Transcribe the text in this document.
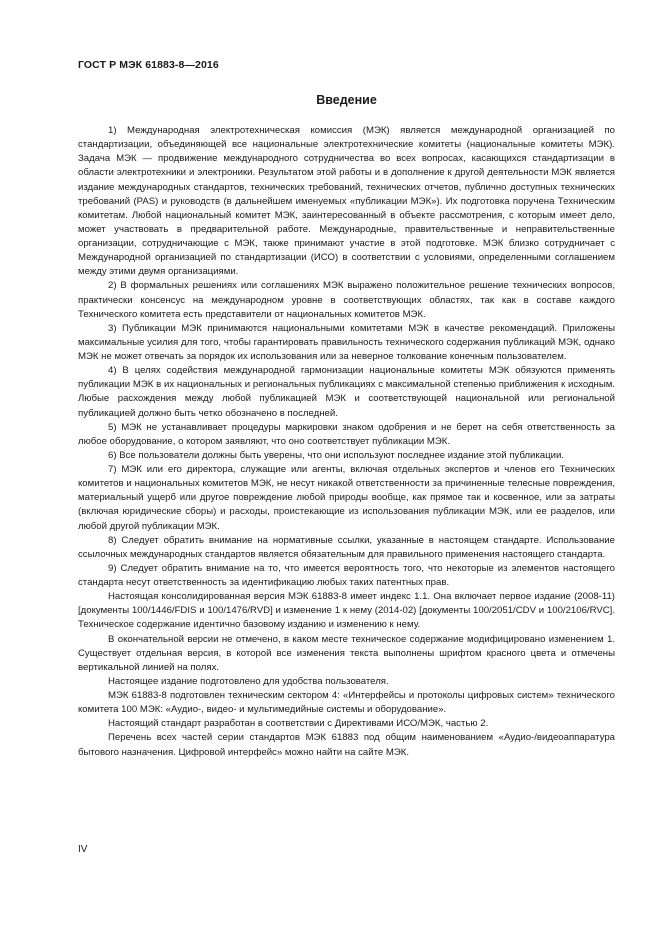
ГОСТ Р МЭК 61883-8—2016
Введение

1) Международная электротехническая комиссия (МЭК) является международной организацией по стандартизации, объединяющей все национальные электротехнические комитеты (национальные комитеты МЭК). Задача МЭК — продвижение международного сотрудничества во всех вопросах, касающихся стандартизации в области электротехники и электроники. Результатом этой работы и в дополнение к другой деятельности МЭК является издание международных стандартов, технических требований, технических отчетов, публично доступных технических требований (PAS) и руководств (в дальнейшем именуемых «публикации МЭК»). Их подготовка поручена Техническим комитетам. Любой национальный комитет МЭК, заинтересованный в объекте рассмотрения, с которым имеет дело, может участвовать в предварительной работе. Международные, правительственные и неправительственные организации, сотрудничающие с МЭК, также принимают участие в этой подготовке. МЭК близко сотрудничает с Международной организацией по стандартизации (ИСО) в соответствии с условиями, определенными соглашением между этими двумя организациями.

2) В формальных решениях или соглашениях МЭК выражено положительное решение технических вопросов, практически консенсус на международном уровне в соответствующих областях, так как в составе каждого Технического комитета есть представители от национальных комитетов МЭК.

3) Публикации МЭК принимаются национальными комитетами МЭК в качестве рекомендаций. Приложены максимальные усилия для того, чтобы гарантировать правильность технического содержания публикаций МЭК, однако МЭК не может отвечать за порядок их использования или за неверное толкование конечным пользователем.

4) В целях содействия международной гармонизации национальные комитеты МЭК обязуются применять публикации МЭК в их национальных и региональных публикациях с максимальной степенью приближения к исходным. Любые расхождения между любой публикацией МЭК и соответствующей национальной или региональной публикацией должно быть четко обозначено в последней.

5) МЭК не устанавливает процедуры маркировки знаком одобрения и не берет на себя ответственность за любое оборудование, о котором заявляют, что оно соответствует публикации МЭК.

6) Все пользователи должны быть уверены, что они используют последнее издание этой публикации.

7) МЭК или его директора, служащие или агенты, включая отдельных экспертов и членов его Технических комитетов и национальных комитетов МЭК, не несут никакой ответственности за причиненные телесные повреждения, материальный ущерб или другое повреждение любой природы вообще, как прямое так и косвенное, или за затраты (включая юридические сборы) и расходы, проистекающие из использования публикации МЭК, или ее разделов, или любой другой публикации МЭК.

8) Следует обратить внимание на нормативные ссылки, указанные в настоящем стандарте. Использование ссылочных международных стандартов является обязательным для правильного применения настоящего стандарта.

9) Следует обратить внимание на то, что имеется вероятность того, что некоторые из элементов настоящего стандарта несут ответственность за идентификацию любых таких патентных прав.

Настоящая консолидированная версия МЭК 61883-8 имеет индекс 1.1. Она включает первое издание (2008-11) [документы 100/1446/FDIS и 100/1476/RVD] и изменение 1 к нему (2014-02) [документы 100/2051/CDV и 100/2106/RVC]. Техническое содержание идентично базовому изданию и изменению к нему.

В окончательной версии не отмечено, в каком месте техническое содержание модифицировано изменением 1. Существует отдельная версия, в которой все изменения текста выполнены шрифтом красного цвета и отмечены вертикальной линией на полях.

Настоящее издание подготовлено для удобства пользователя.

МЭК 61883-8 подготовлен техническим сектором 4: «Интерфейсы и протоколы цифровых систем» технического комитета 100 МЭК: «Аудио-, видео- и мультимедийные системы и оборудование».

Настоящий стандарт разработан в соответствии с Директивами ИСО/МЭК, частью 2.

Перечень всех частей серии стандартов МЭК 61883 под общим наименованием «Аудио-/видеоаппаратура бытового назначения. Цифровой интерфейс» можно найти на сайте МЭК.

IV
